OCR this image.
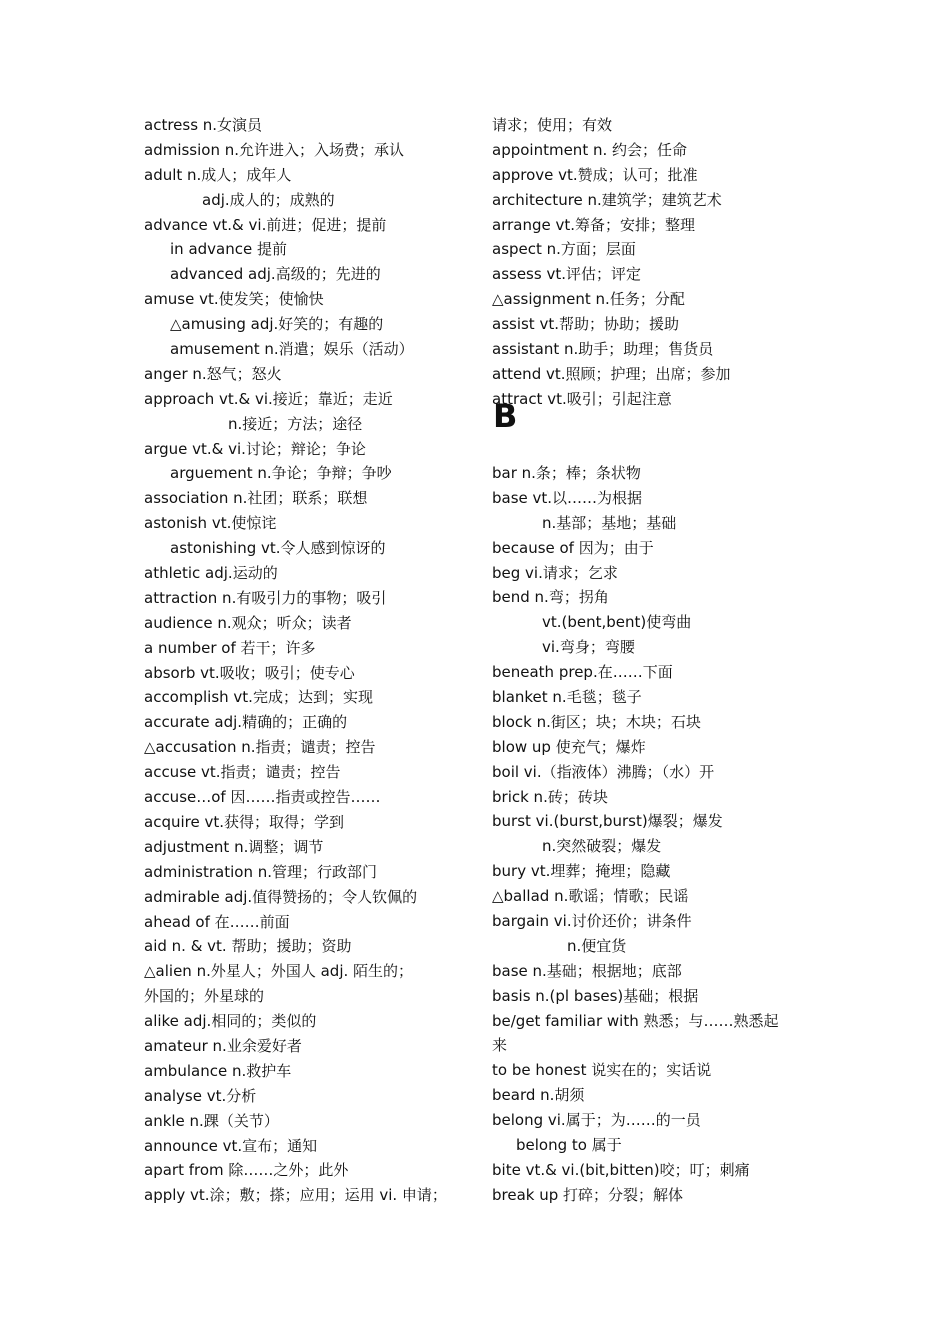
actress n.女演员
admission n.允许进入；入场费；承认
adult n.成人；成年人
adj.成人的；成熟的
advance vt.& vi.前进；促进；提前
in advance 提前
advanced adj.高级的；先进的
amuse vt.使发笑；使愉快
△amusing adj.好笑的；有趣的
amusement n.消遣；娱乐（活动）
anger n.怒气；怒火
approach vt.& vi.接近；靠近；走近
n.接近；方法；途径
argue vt.& vi.讨论；辩论；争论
arguement n.争论；争辩；争吵
association n.社团；联系；联想
astonish vt.使惊诧
astonishing vt.令人感到惊讶的
athletic adj.运动的
attraction n.有吸引力的事物；吸引
audience n.观众；听众；读者
a number of 若干；许多
absorb vt.吸收；吸引；使专心
accomplish vt.完成；达到；实现
accurate adj.精确的；正确的
△accusation n.指责；谴责；控告
accuse vt.指责；谴责；控告
accuse…of 因……指责或控告……
acquire vt.获得；取得；学到
adjustment n.调整；调节
administration n.管理；行政部门
admirable adj.值得赞扬的；令人钦佩的
ahead of 在……前面
aid n. & vt. 帮助；援助；资助
△alien n.外星人；外国人 adj. 陌生的；
外国的；外星球的
alike adj.相同的；类似的
amateur n.业余爱好者
ambulance n.救护车
analyse vt.分析
ankle n.踝（关节）
announce vt.宣布；通知
apart from 除……之外；此外
apply vt.涂；敷；搽；应用；运用 vi. 申请；
请求；使用；有效
appointment n. 约会；任命
approve vt.赞成；认可；批准
architecture n.建筑学；建筑艺术
arrange vt.筹备；安排；整理
aspect n.方面；层面
assess vt.评估；评定
△assignment n.任务；分配
assist vt.帮助；协助；援助
assistant n.助手；助理；售货员
attend vt.照顾；护理；出席；参加
attract vt.吸引；引起注意
B
bar n.条；棒；条状物
base vt.以……为根据
n.基部；基地；基础
because of 因为；由于
beg vi.请求；乞求
bend n.弯；拐角
vt.(bent,bent)使弯曲
vi.弯身；弯腰
beneath prep.在……下面
blanket n.毛毯；毯子
block n.街区；块；木块；石块
blow up 使充气；爆炸
boil vi.（指液体）沸腾；（水）开
brick n.砖；砖块
burst vi.(burst,burst)爆裂；爆发
n.突然破裂；爆发
bury vt.埋葬；掩埋；隐藏
△ballad n.歌谣；情歌；民谣
bargain vi.讨价还价；讲条件
n.便宜货
base n.基础；根据地；底部
basis n.(pl bases)基础；根据
be/get familiar with 熟悉；与……熟悉起
来
to be honest 说实在的；实话说
beard n.胡须
belong vi.属于；为……的一员
belong to 属于
bite vt.& vi.(bit,bitten)咬；叮；刺痛
break up 打碎；分裂；解体
